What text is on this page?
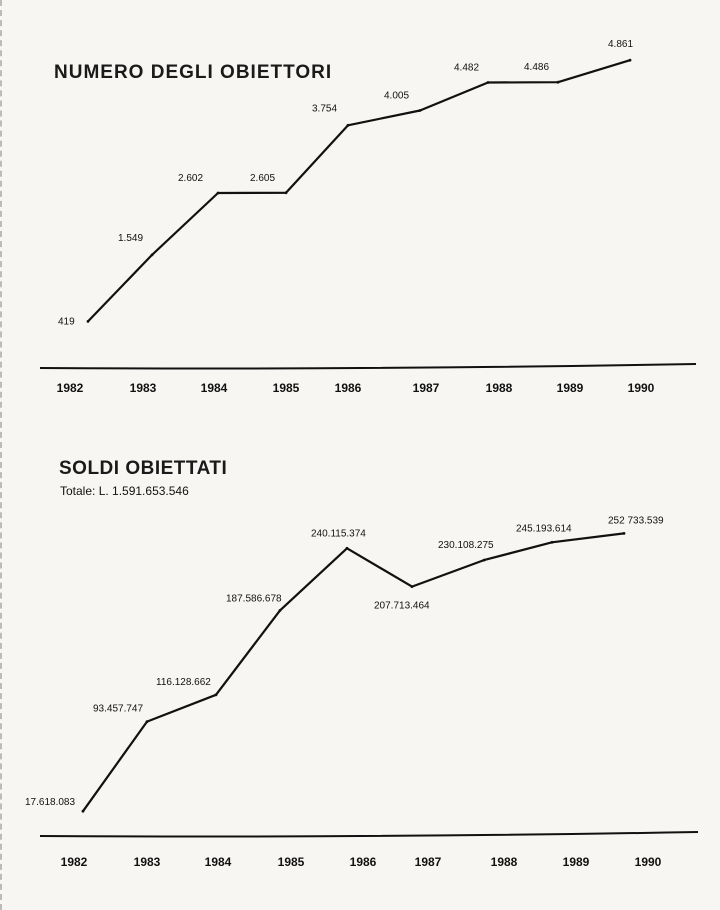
NUMERO DEGLI OBIETTORI
419
1.549
2.602	2.605
3.754
4.005
4.482	4.486
4.861
1982	1983	1984	1985	1986	1987	1988	1989	1990
SOLDI OBIETTATI
Totale: L. 1.591.653.546
17.618.083
93.457.747
116.128.662
187.586.678
240.115.374
207.713.464
230.108.275
245.193.614
252 733.539
1982	1983	1984	1985	1986	1987	1988	1989	1990
